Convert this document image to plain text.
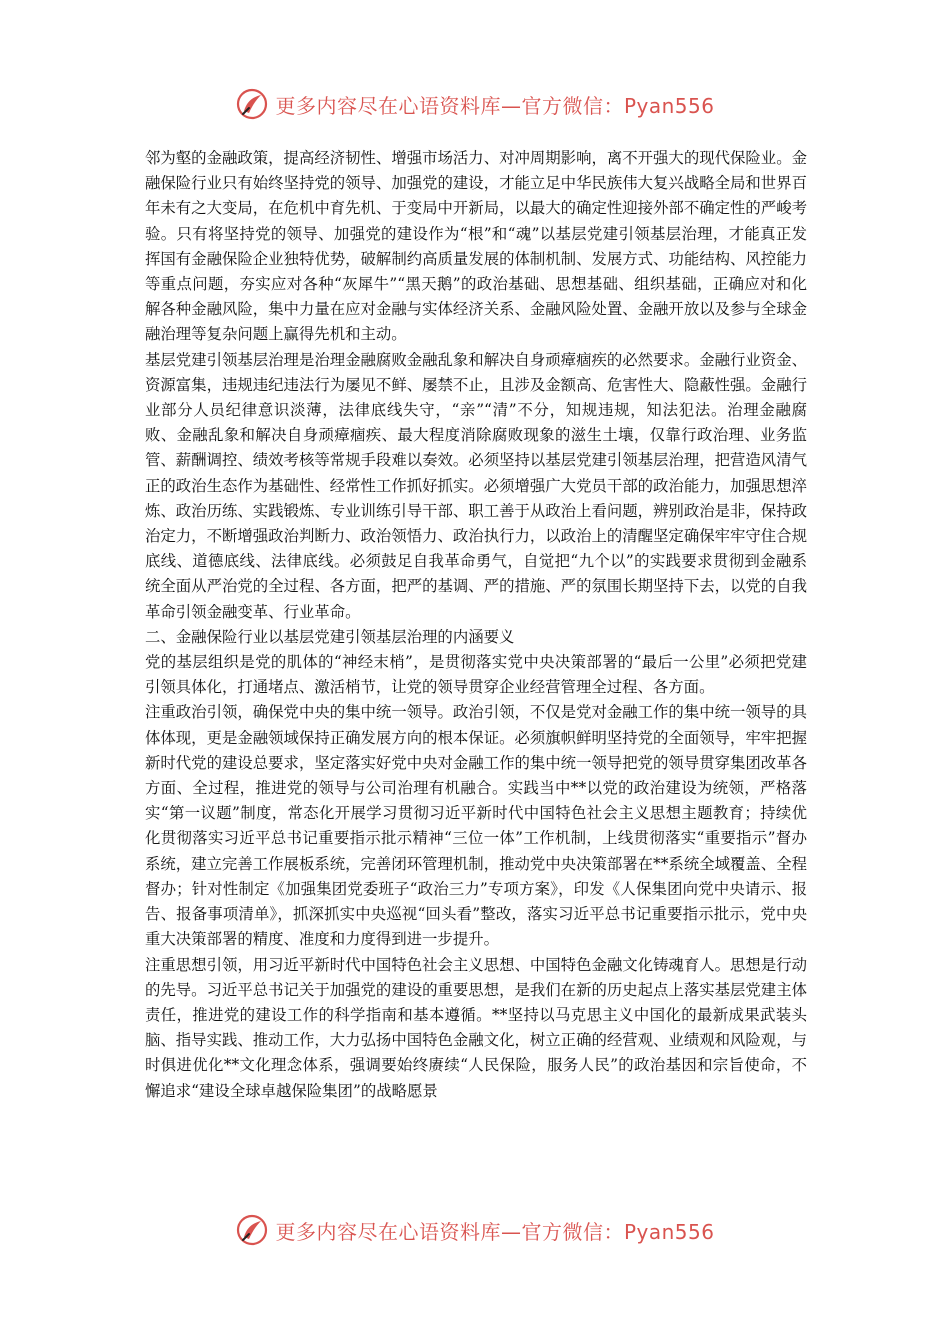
更多内容尽在心语资料库—官方微信：Pyan556

邻为壑的金融政策，提高经济韧性、增强市场活力、对冲周期影响，离不开强大的现代保险业。金融保险行业只有始终坚持党的领导、加强党的建设，才能立足中华民族伟大复兴战略全局和世界百年未有之大变局，在危机中育先机、于变局中开新局，以最大的确定性迎接外部不确定性的严峻考验。只有将坚持党的领导、加强党的建设作为“根”和“魂”以基层党建引领基层治理，才能真正发挥国有金融保险企业独特优势，破解制约高质量发展的体制机制、发展方式、功能结构、风控能力等重点问题，夯实应对各种“灰犀牛”“黑天鹅”的政治基础、思想基础、组织基础，正确应对和化解各种金融风险，集中力量在应对金融与实体经济关系、金融风险处置、金融开放以及参与全球金融治理等复杂问题上赢得先机和主动。

基层党建引领基层治理是治理金融腐败金融乱象和解决自身顽瘴痼疾的必然要求。金融行业资金、资源富集，违规违纪违法行为屡见不鲜、屡禁不止，且涉及金额高、危害性大、隐蔽性强。金融行业部分人员纪律意识淡薄，法律底线失守，“亲”“清”不分，知规违规，知法犯法。治理金融腐败、金融乱象和解决自身顽瘴痼疾、最大程度消除腐败现象的滋生土壤，仅靠行政治理、业务监管、薪酬调控、绩效考核等常规手段难以奏效。必须坚持以基层党建引领基层治理，把营造风清气正的政治生态作为基础性、经常性工作抓好抓实。必须增强广大党员干部的政治能力，加强思想淬炼、政治历练、实践锻炼、专业训练引导干部、职工善于从政治上看问题，辨别政治是非，保持政治定力，不断增强政治判断力、政治领悟力、政治执行力，以政治上的清醒坚定确保牢牢守住合规底线、道德底线、法律底线。必须鼓足自我革命勇气，自觉把“九个以”的实践要求贯彻到金融系统全面从严治党的全过程、各方面，把严的基调、严的措施、严的氛围长期坚持下去，以党的自我革命引领金融变革、行业革命。

二、金融保险行业以基层党建引领基层治理的内涵要义

党的基层组织是党的肌体的“神经末梢”，是贯彻落实党中央决策部署的“最后一公里”必须把党建引领具体化，打通堵点、激活梢节，让党的领导贯穿企业经营管理全过程、各方面。

注重政治引领，确保党中央的集中统一领导。政治引领，不仅是党对金融工作的集中统一领导的具体体现，更是金融领域保持正确发展方向的根本保证。必须旗帜鲜明坚持党的全面领导，牢牢把握新时代党的建设总要求，坚定落实好党中央对金融工作的集中统一领导把党的领导贯穿集团改革各方面、全过程，推进党的领导与公司治理有机融合。实践当中**以党的政治建设为统领，严格落实“第一议题”制度，常态化开展学习贯彻习近平新时代中国特色社会主义思想主题教育；持续优化贯彻落实习近平总书记重要指示批示精神“三位一体”工作机制，上线贯彻落实“重要指示”督办系统，建立完善工作展板系统，完善闭环管理机制，推动党中央决策部署在**系统全域覆盖、全程督办；针对性制定《加强集团党委班子“政治三力”专项方案》，印发《人保集团向党中央请示、报告、报备事项清单》，抓深抓实中央巡视“回头看”整改，落实习近平总书记重要指示批示，党中央重大决策部署的精度、准度和力度得到进一步提升。

注重思想引领，用习近平新时代中国特色社会主义思想、中国特色金融文化铸魂育人。思想是行动的先导。习近平总书记关于加强党的建设的重要思想，是我们在新的历史起点上落实基层党建主体责任，推进党的建设工作的科学指南和基本遵循。**坚持以马克思主义中国化的最新成果武装头脑、指导实践、推动工作，大力弘扬中国特色金融文化，树立正确的经营观、业绩观和风险观，与时俱进优化**文化理念体系，强调要始终赓续“人民保险，服务人民”的政治基因和宗旨使命，不懈追求“建设全球卓越保险集团”的战略愿景

更多内容尽在心语资料库—官方微信：Pyan556
